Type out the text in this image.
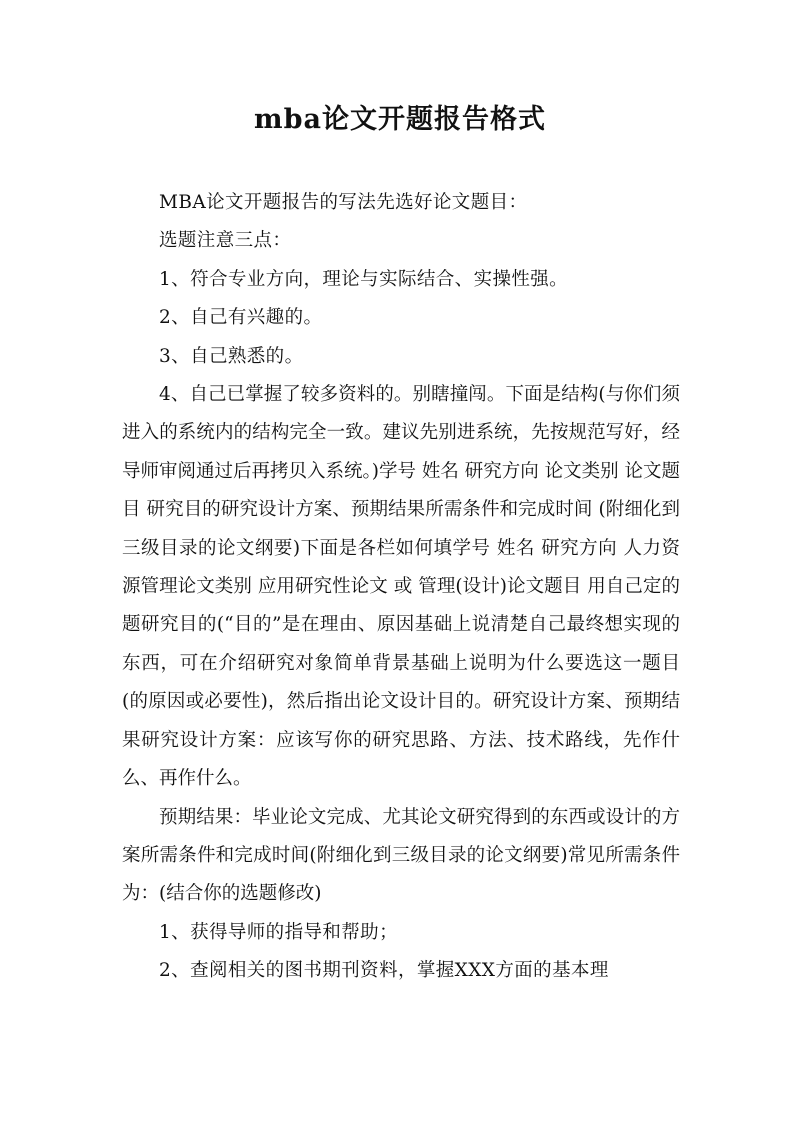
mba论文开题报告格式

MBA论文开题报告的写法先选好论文题目：

选题注意三点：

1、符合专业方向，理论与实际结合、实操性强。

2、自己有兴趣的。

3、自己熟悉的。

4、自己已掌握了较多资料的。别瞎撞闯。下面是结构(与你们须进入的系统内的结构完全一致。建议先别进系统，先按规范写好，经导师审阅通过后再拷贝入系统。)学号 姓名 研究方向 论文类别 论文题目 研究目的研究设计方案、预期结果所需条件和完成时间 (附细化到三级目录的论文纲要)下面是各栏如何填学号 姓名 研究方向 人力资源管理论文类别 应用研究性论文 或 管理(设计)论文题目 用自己定的题研究目的(“目的”是在理由、原因基础上说清楚自己最终想实现的东西，可在介绍研究对象简单背景基础上说明为什么要选这一题目(的原因或必要性)，然后指出论文设计目的。研究设计方案、预期结果研究设计方案：应该写你的研究思路、方法、技术路线，先作什么、再作什么。

预期结果：毕业论文完成、尤其论文研究得到的东西或设计的方案所需条件和完成时间(附细化到三级目录的论文纲要)常见所需条件为：(结合你的选题修改)

1、获得导师的指导和帮助；

2、查阅相关的图书期刊资料，掌握XXX方面的基本理
